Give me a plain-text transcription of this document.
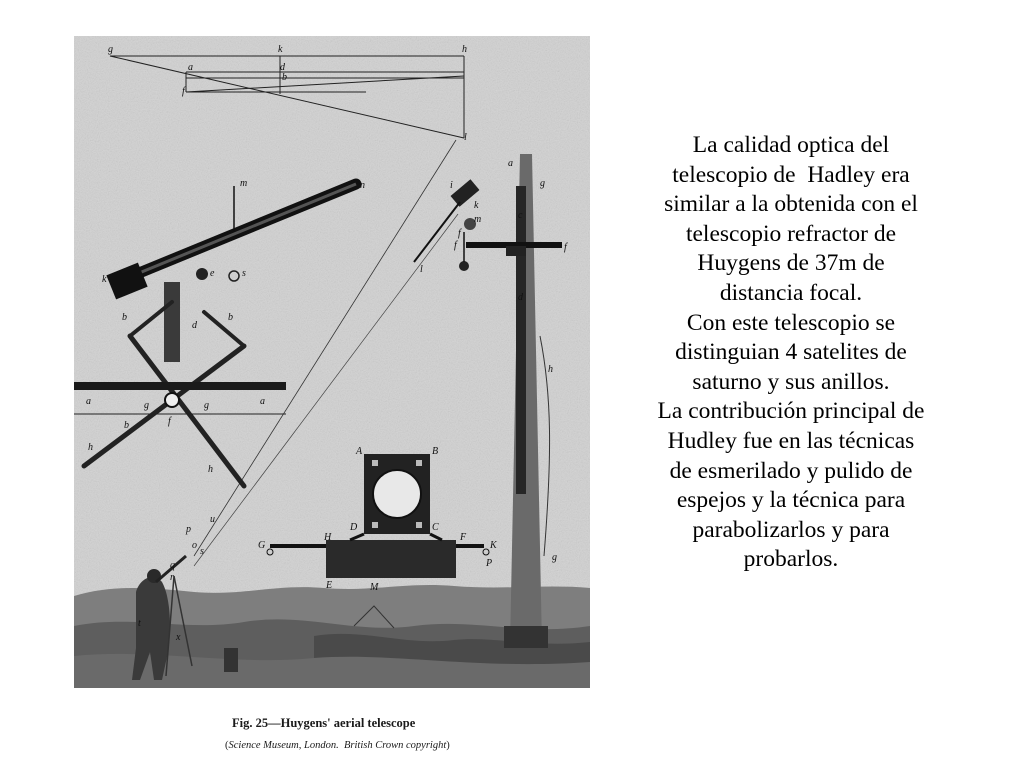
g	k	h
a	d
b
f
l
m	n
k
e	s
b
d
b
a	g	g	a
b	f
h
h
p
u
o
q
r
s
t
x
i
k
m
f
l
f
f
a
g
c
d
h
g
A	B
D	C
G
H	F
K
E
P
M
Fig. 25—Huygens' aerial telescope
(Science Museum, London. British Crown copyright)

La calidad optica del
telescopio de  Hadley era
similar a la obtenida con el
telescopio refractor de
Huygens de 37m de
distancia focal.

Con este telescopio se
distinguian 4 satelites de
saturno y sus anillos.

La contribución principal de
Hudley fue en las técnicas
de esmerilado y pulido de
espejos y la técnica para
parabolizarlos y para
probarlos.
